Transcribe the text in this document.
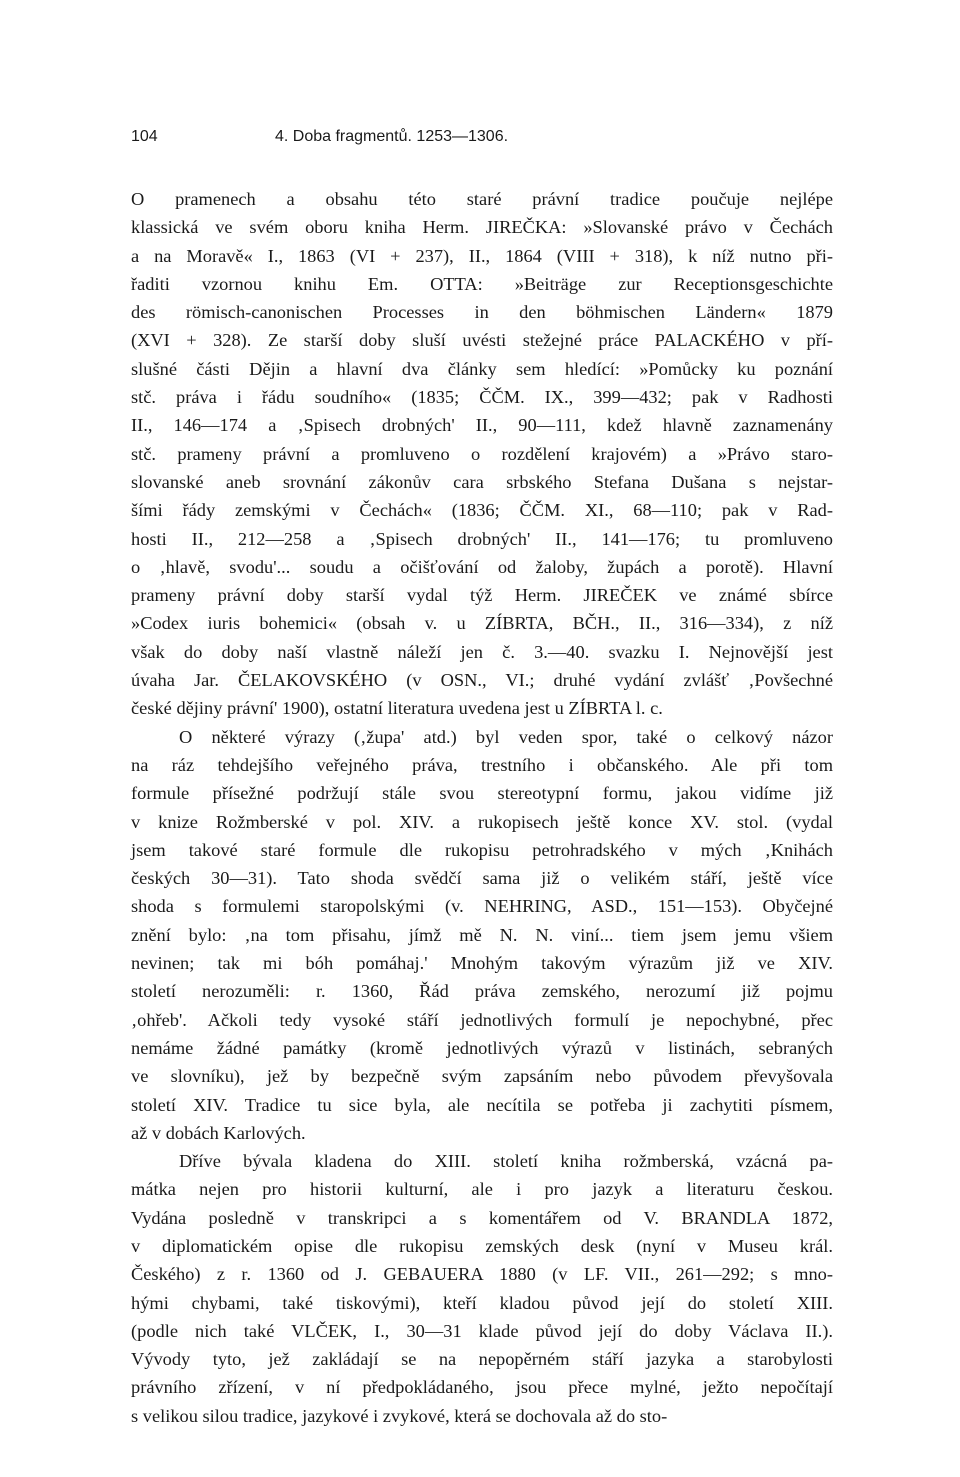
104	4. Doba fragmentů. 1253—1306.
O pramenech a obsahu této staré právní tradice poučuje nejlépe
klassická ve svém oboru kniha Herm. JIREČKA: »Slovanské právo v Čechách
a na Moravě« I., 1863 (VI + 237), II., 1864 (VIII + 318), k níž nutno při-
řaditi vzornou knihu Em. OTTA: »Beiträge zur Receptionsgeschichte
des römisch-canonischen Processes in den böhmischen Ländern« 1879
(XVI + 328). Ze starší doby sluší uvésti stežejné práce PALACKÉHO v pří-
slušné části Dějin a hlavní dva články sem hledící: »Pomůcky ku poznání
stč. práva i řádu soudního« (1835; ČČM. IX., 399—432; pak v Radhosti
II., 146—174 a ‚Spisech drobných' II., 90—111, kdež hlavně zaznamenány
stč. prameny právní a promluveno o rozdělení krajovém) a »Právo staro-
slovanské aneb srovnání zákonův cara srbského Stefana Dušana s nejstar-
šími řády zemskými v Čechách« (1836; ČČM. XI., 68—110; pak v Rad-
hosti II., 212—258 a ‚Spisech drobných' II., 141—176; tu promluveno
o ‚hlavě, svodu'... soudu a očišťování od žaloby, župách a porotě). Hlavní
prameny právní doby starší vydal týž Herm. JIREČEK ve známé sbírce
»Codex iuris bohemici« (obsah v. u ZÍBRTA, BČH., II., 316—334), z níž
však do doby naší vlastně náleží jen č. 3.—40. svazku I. Nejnovější jest
úvaha Jar. ČELAKOVSKÉHO (v OSN., VI.; druhé vydání zvlášť ‚Povšechné
české dějiny právní' 1900), ostatní literatura uvedena jest u ZÍBRTA l. c.
O některé výrazy (‚župa' atd.) byl veden spor, také o celkový názor
na ráz tehdejšího veřejného práva, trestního i občanského. Ale při tom
formule přísežné podržují stále svou stereotypní formu, jakou vidíme již
v knize Rožmberské v pol. XIV. a rukopisech ještě konce XV. stol. (vydal
jsem takové staré formule dle rukopisu petrohradského v mých ‚Knihách
českých 30—31). Tato shoda svědčí sama již o velikém stáří, ještě více
shoda s formulemi staropolskými (v. NEHRING, ASD., 151—153). Obyčejné
znění bylo: ‚na tom přisahu, jímž mě N. N. viní... tiem jsem jemu všiem
nevinen; tak mi bóh pomáhaj.' Mnohým takovým výrazům již ve XIV.
století nerozuměli: r. 1360, Řád práva zemského, nerozumí již pojmu
‚ohřeb'. Ačkoli tedy vysoké stáří jednotlivých formulí je nepochybné, přec
nemáme žádné památky (kromě jednotlivých výrazů v listinách, sebraných
ve slovníku), jež by bezpečně svým zapsáním nebo původem převyšovala
století XIV. Tradice tu sice byla, ale necítila se potřeba ji zachytiti písmem,
až v dobách Karlových.
Dříve bývala kladena do XIII. století kniha rožmberská, vzácná pa-
mátka nejen pro historii kulturní, ale i pro jazyk a literaturu českou.
Vydána posledně v transkripci a s komentářem od V. BRANDLA 1872,
v diplomatickém opise dle rukopisu zemských desk (nyní v Museu král.
Českého) z r. 1360 od J. GEBAUERA 1880 (v LF. VII., 261—292; s mno-
hými chybami, také tiskovými), kteří kladou původ její do století XIII.
(podle nich také VLČEK, I., 30—31 klade původ její do doby Václava II.).
Vývody tyto, jež zakládají se na nepopěrném stáří jazyka a starobylosti
právního zřízení, v ní předpokládaného, jsou přece mylné, ježto nepočítají
s velikou silou tradice, jazykové i zvykové, která se dochovala až do sto-
